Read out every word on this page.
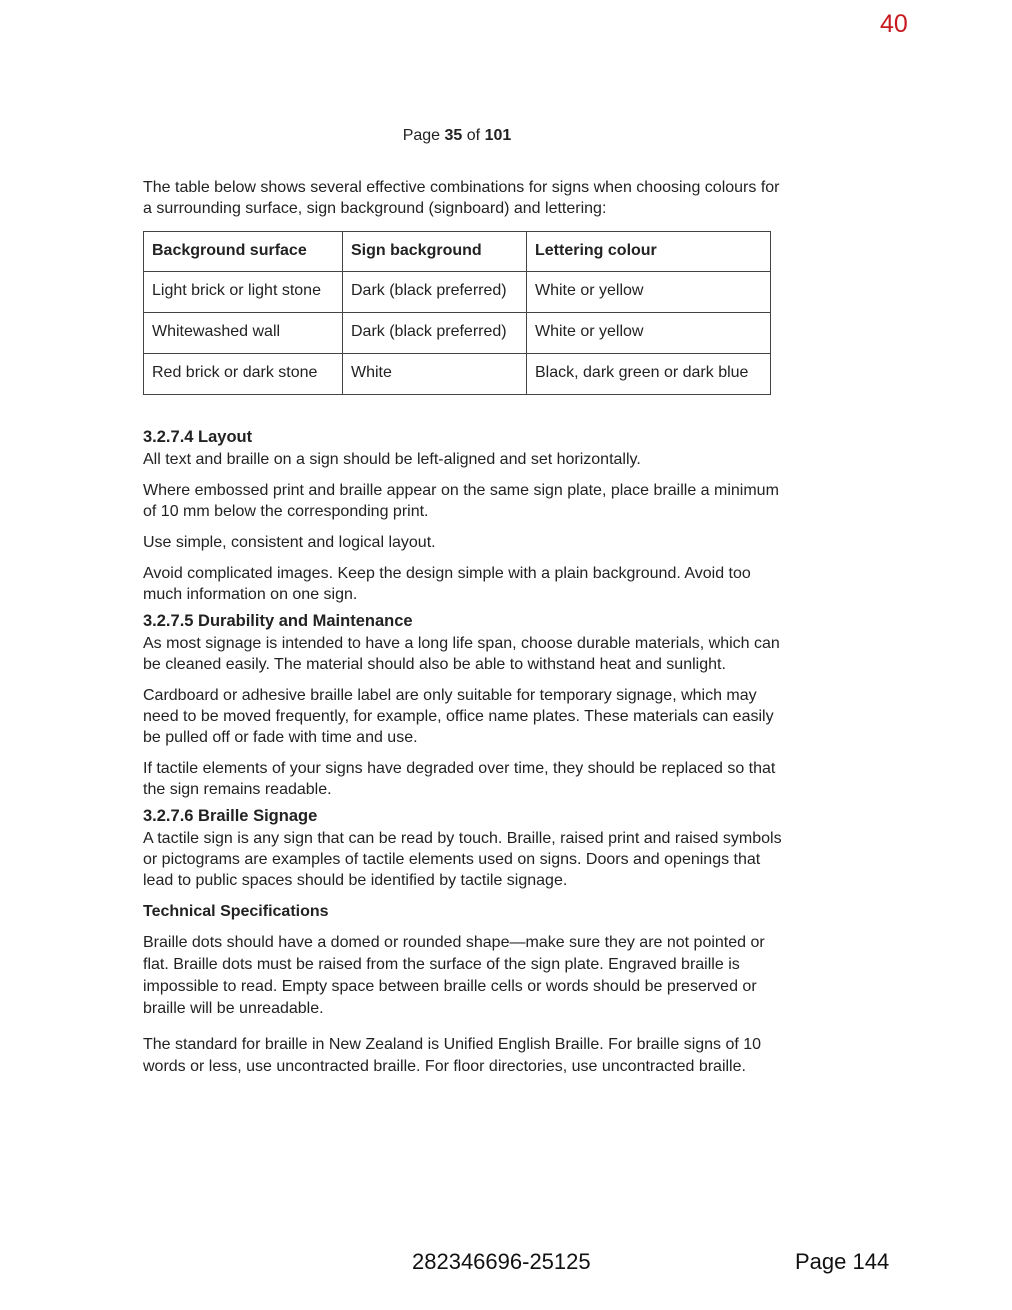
40
Page 35 of 101

The table below shows several effective combinations for signs when choosing colours for a surrounding surface, sign background (signboard) and lettering:

Background surface	Sign background	Lettering colour
Light brick or light stone	Dark (black preferred)	White or yellow
Whitewashed wall	Dark (black preferred)	White or yellow
Red brick or dark stone	White	Black, dark green or dark blue

3.2.7.4 Layout

All text and braille on a sign should be left-aligned and set horizontally.

Where embossed print and braille appear on the same sign plate, place braille a minimum of 10 mm below the corresponding print.

Use simple, consistent and logical layout.

Avoid complicated images. Keep the design simple with a plain background. Avoid too much information on one sign.

3.2.7.5 Durability and Maintenance

As most signage is intended to have a long life span, choose durable materials, which can be cleaned easily. The material should also be able to withstand heat and sunlight.

Cardboard or adhesive braille label are only suitable for temporary signage, which may need to be moved frequently, for example, office name plates. These materials can easily be pulled off or fade with time and use.

If tactile elements of your signs have degraded over time, they should be replaced so that the sign remains readable.

3.2.7.6 Braille Signage

A tactile sign is any sign that can be read by touch. Braille, raised print and raised symbols or pictograms are examples of tactile elements used on signs. Doors and openings that lead to public spaces should be identified by tactile signage.

Technical Specifications

Braille dots should have a domed or rounded shape—make sure they are not pointed or flat. Braille dots must be raised from the surface of the sign plate. Engraved braille is impossible to read. Empty space between braille cells or words should be preserved or braille will be unreadable.

The standard for braille in New Zealand is Unified English Braille. For braille signs of 10 words or less, use uncontracted braille. For floor directories, use uncontracted braille.

282346696-25125	Page 144
